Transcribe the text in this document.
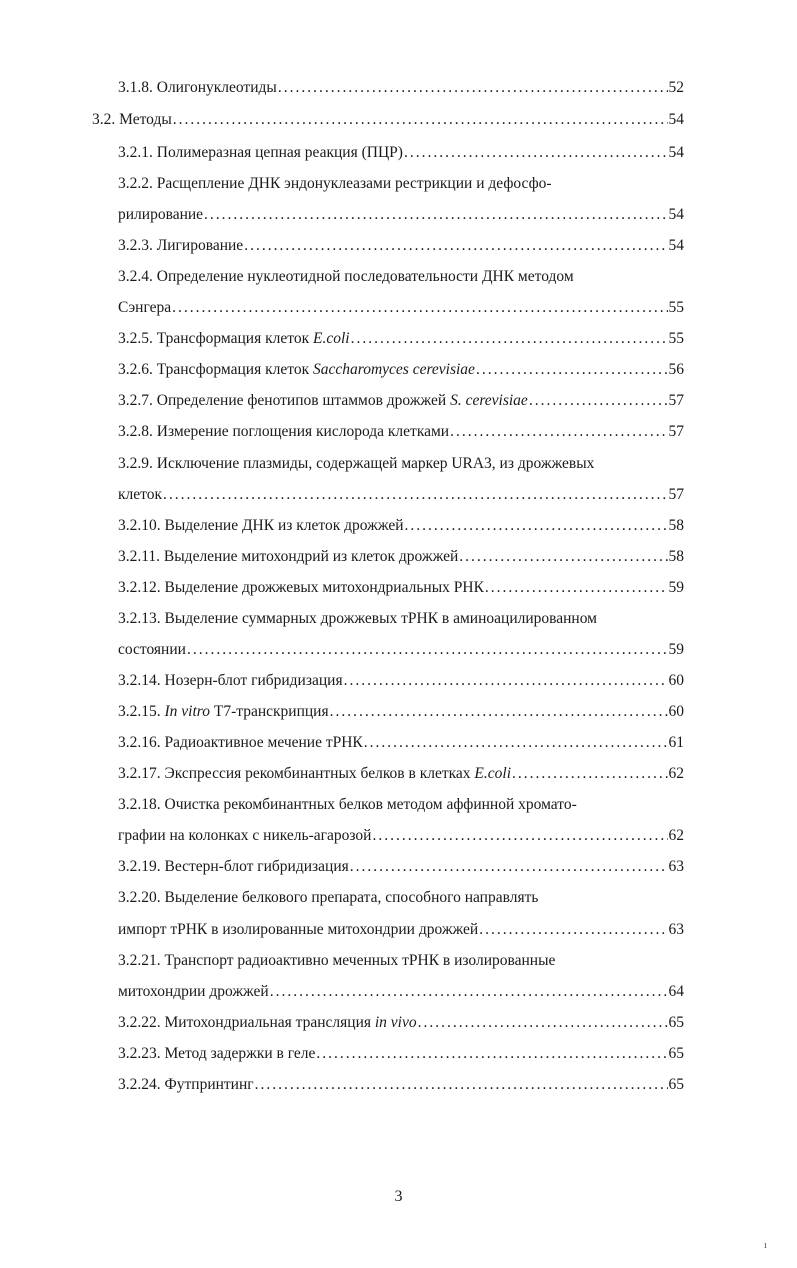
3.1.8. Олигонуклеотиды .....	52
3.2. Методы .....	54
3.2.1. Полимеразная цепная реакция (ПЦР) .....	54
3.2.2. Расщепление ДНК эндонуклеазами рестрикции и дефосфо-
рилирование .....	54
3.2.3. Лигирование .....	54
3.2.4. Определение нуклеотидной последовательности ДНК методом
Сэнгера .....	55
3.2.5. Трансформация клеток E.coli .....	55
3.2.6. Трансформация клеток Saccharomyces cerevisiae .....	56
3.2.7. Определение фенотипов штаммов дрожжей S. cerevisiae .....	57
3.2.8. Измерение поглощения кислорода клетками .....	57
3.2.9. Исключение плазмиды, содержащей маркер URA3, из дрожжевых
клеток .....	57
3.2.10. Выделение ДНК из клеток дрожжей .....	58
3.2.11. Выделение митохондрий из клеток дрожжей .....	58
3.2.12. Выделение дрожжевых митохондриальных РНК .....	59
3.2.13. Выделение суммарных дрожжевых тРНК в аминоацилированном
состоянии .....	59
3.2.14. Нозерн-блот гибридизация .....	60
3.2.15. In vitro Т7-транскрипция .....	60
3.2.16. Радиоактивное мечение тРНК .....	61
3.2.17. Экспрессия рекомбинантных белков в клетках E.coli .....	62
3.2.18. Очистка рекомбинантных белков методом аффинной хромато-
графии на колонках с никель-агарозой .....	62
3.2.19. Вестерн-блот гибридизация .....	63
3.2.20. Выделение белкового препарата, способного направлять
импорт тРНК в изолированные митохондрии дрожжей .....	63
3.2.21. Транспорт радиоактивно меченных тРНК в изолированные
митохондрии дрожжей .....	64
3.2.22. Митохондриальная трансляция in vivo .....	65
3.2.23. Метод задержки в геле .....	65
3.2.24. Футпринтинг .....	65
3
ı
